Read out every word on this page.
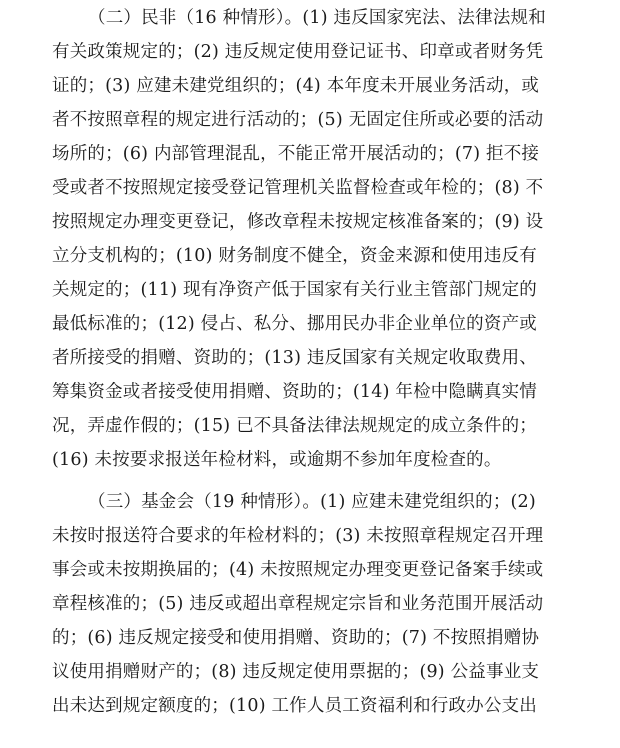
（二）民非（16 种情形）。(1) 违反国家宪法、法律法规和
有关政策规定的；(2) 违反规定使用登记证书、印章或者财务凭
证的；(3) 应建未建党组织的；(4) 本年度未开展业务活动，或
者不按照章程的规定进行活动的；(5) 无固定住所或必要的活动
场所的；(6) 内部管理混乱，不能正常开展活动的；(7) 拒不接
受或者不按照规定接受登记管理机关监督检查或年检的；(8) 不
按照规定办理变更登记，修改章程未按规定核准备案的；(9) 设
立分支机构的；(10) 财务制度不健全，资金来源和使用违反有
关规定的；(11) 现有净资产低于国家有关行业主管部门规定的
最低标准的；(12) 侵占、私分、挪用民办非企业单位的资产或
者所接受的捐赠、资助的；(13) 违反国家有关规定收取费用、
筹集资金或者接受使用捐赠、资助的；(14) 年检中隐瞒真实情
况，弄虚作假的；(15) 已不具备法律法规规定的成立条件的；
(16) 未按要求报送年检材料，或逾期不参加年度检查的。
（三）基金会（19 种情形）。(1) 应建未建党组织的；(2)
未按时报送符合要求的年检材料的；(3) 未按照章程规定召开理
事会或未按期换届的；(4) 未按照规定办理变更登记备案手续或
章程核准的；(5) 违反或超出章程规定宗旨和业务范围开展活动
的；(6) 违反规定接受和使用捐赠、资助的；(7) 不按照捐赠协
议使用捐赠财产的；(8) 违反规定使用票据的；(9) 公益事业支
出未达到规定额度的；(10) 工作人员工资福利和行政办公支出
